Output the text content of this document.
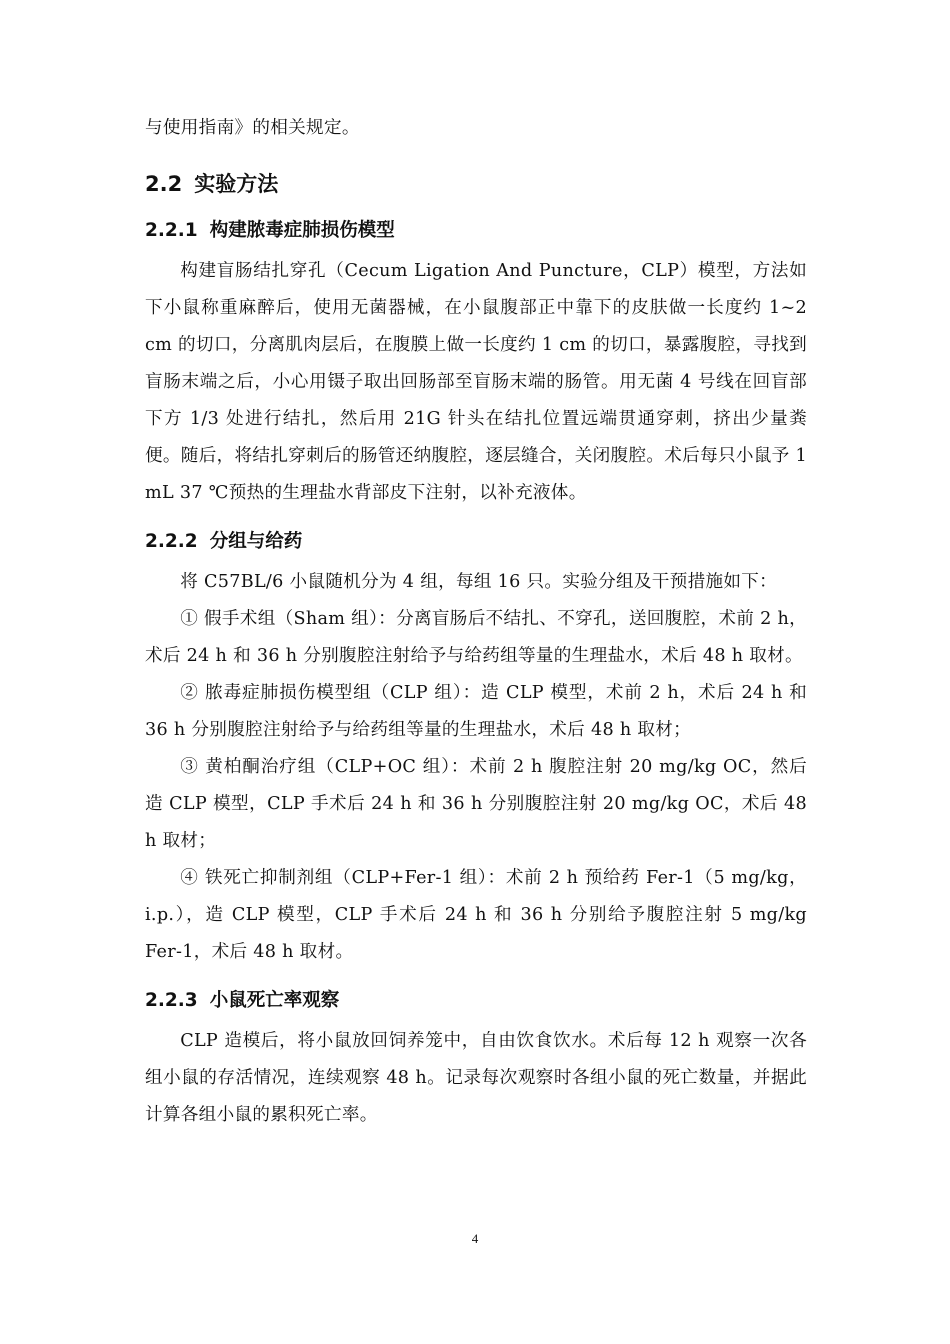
与使用指南》的相关规定。

2.2 实验方法
2.2.1 构建脓毒症肺损伤模型

构建盲肠结扎穿孔（Cecum Ligation And Puncture，CLP）模型，方法如下小鼠称重麻醉后，使用无菌器械，在小鼠腹部正中靠下的皮肤做一长度约 1~2 cm 的切口，分离肌肉层后，在腹膜上做一长度约 1 cm 的切口，暴露腹腔，寻找到盲肠末端之后，小心用镊子取出回肠部至盲肠末端的肠管。用无菌 4 号线在回盲部下方 1/3 处进行结扎，然后用 21G 针头在结扎位置远端贯通穿刺，挤出少量粪便。随后，将结扎穿刺后的肠管还纳腹腔，逐层缝合，关闭腹腔。术后每只小鼠予 1 mL 37 ℃预热的生理盐水背部皮下注射，以补充液体。

2.2.2 分组与给药

将 C57BL/6 小鼠随机分为 4 组，每组 16 只。实验分组及干预措施如下：

① 假手术组（Sham 组）：分离盲肠后不结扎、不穿孔，送回腹腔，术前 2 h，术后 24 h 和 36 h 分别腹腔注射给予与给药组等量的生理盐水，术后 48 h 取材。

② 脓毒症肺损伤模型组（CLP 组）：造 CLP 模型，术前 2 h，术后 24 h 和 36 h 分别腹腔注射给予与给药组等量的生理盐水，术后 48 h 取材；

③ 黄柏酮治疗组（CLP+OC 组）：术前 2 h 腹腔注射 20 mg/kg OC，然后造 CLP 模型，CLP 手术后 24 h 和 36 h 分别腹腔注射 20 mg/kg OC，术后 48 h 取材；

④ 铁死亡抑制剂组（CLP+Fer-1 组）：术前 2 h 预给药 Fer-1（5 mg/kg，i.p.），造 CLP 模型，CLP 手术后 24 h 和 36 h 分别给予腹腔注射 5 mg/kg Fer-1，术后 48 h 取材。

2.2.3 小鼠死亡率观察

CLP 造模后，将小鼠放回饲养笼中，自由饮食饮水。术后每 12 h 观察一次各组小鼠的存活情况，连续观察 48 h。记录每次观察时各组小鼠的死亡数量，并据此计算各组小鼠的累积死亡率。

4
